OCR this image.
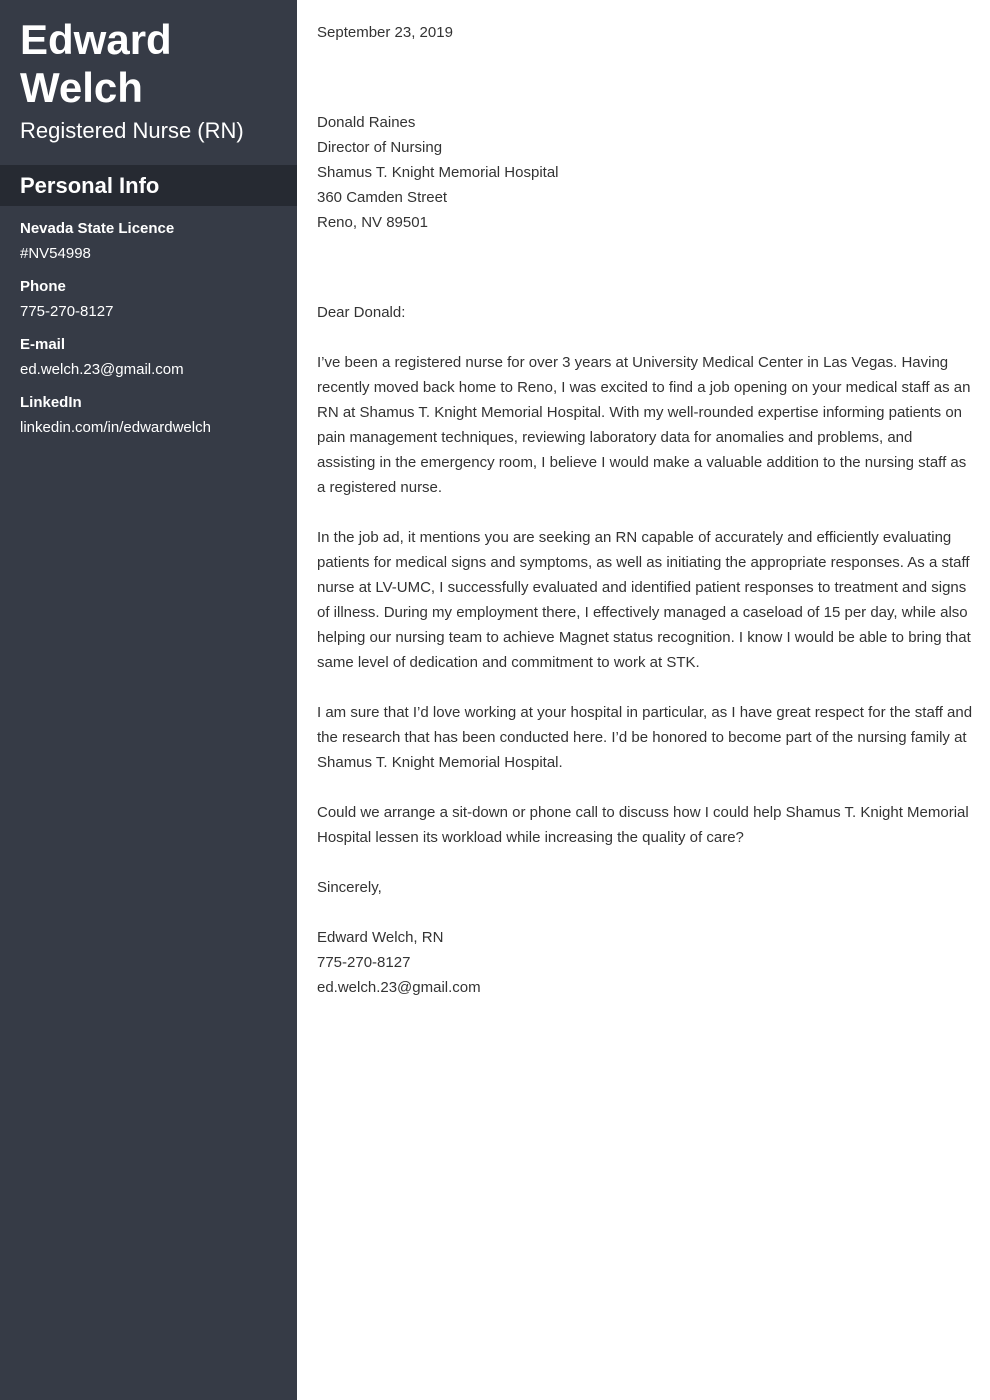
Edward Welch
Registered Nurse (RN)
Personal Info
Nevada State Licence
#NV54998
Phone
775-270-8127
E-mail
ed.welch.23@gmail.com
LinkedIn
linkedin.com/in/edwardwelch
September 23, 2019
Donald Raines
Director of Nursing
Shamus T. Knight Memorial Hospital
360 Camden Street
Reno, NV 89501

Dear Donald:

I’ve been a registered nurse for over 3 years at University Medical Center in Las Vegas. Having recently moved back home to Reno, I was excited to find a job opening on your medical staff as an RN at Shamus T. Knight Memorial Hospital. With my well-rounded expertise informing patients on pain management techniques, reviewing laboratory data for anomalies and problems, and assisting in the emergency room, I believe I would make a valuable addition to the nursing staff as a registered nurse.

In the job ad, it mentions you are seeking an RN capable of accurately and efficiently evaluating patients for medical signs and symptoms, as well as initiating the appropriate responses. As a staff nurse at LV-UMC, I successfully evaluated and identified patient responses to treatment and signs of illness. During my employment there, I effectively managed a caseload of 15 per day, while also helping our nursing team to achieve Magnet status recognition. I know I would be able to bring that same level of dedication and commitment to work at STK.

I am sure that I’d love working at your hospital in particular, as I have great respect for the staff and the research that has been conducted here. I’d be honored to become part of the nursing family at Shamus T. Knight Memorial Hospital.

Could we arrange a sit-down or phone call to discuss how I could help Shamus T. Knight Memorial Hospital lessen its workload while increasing the quality of care?

Sincerely,

Edward Welch, RN
775-270-8127
ed.welch.23@gmail.com
